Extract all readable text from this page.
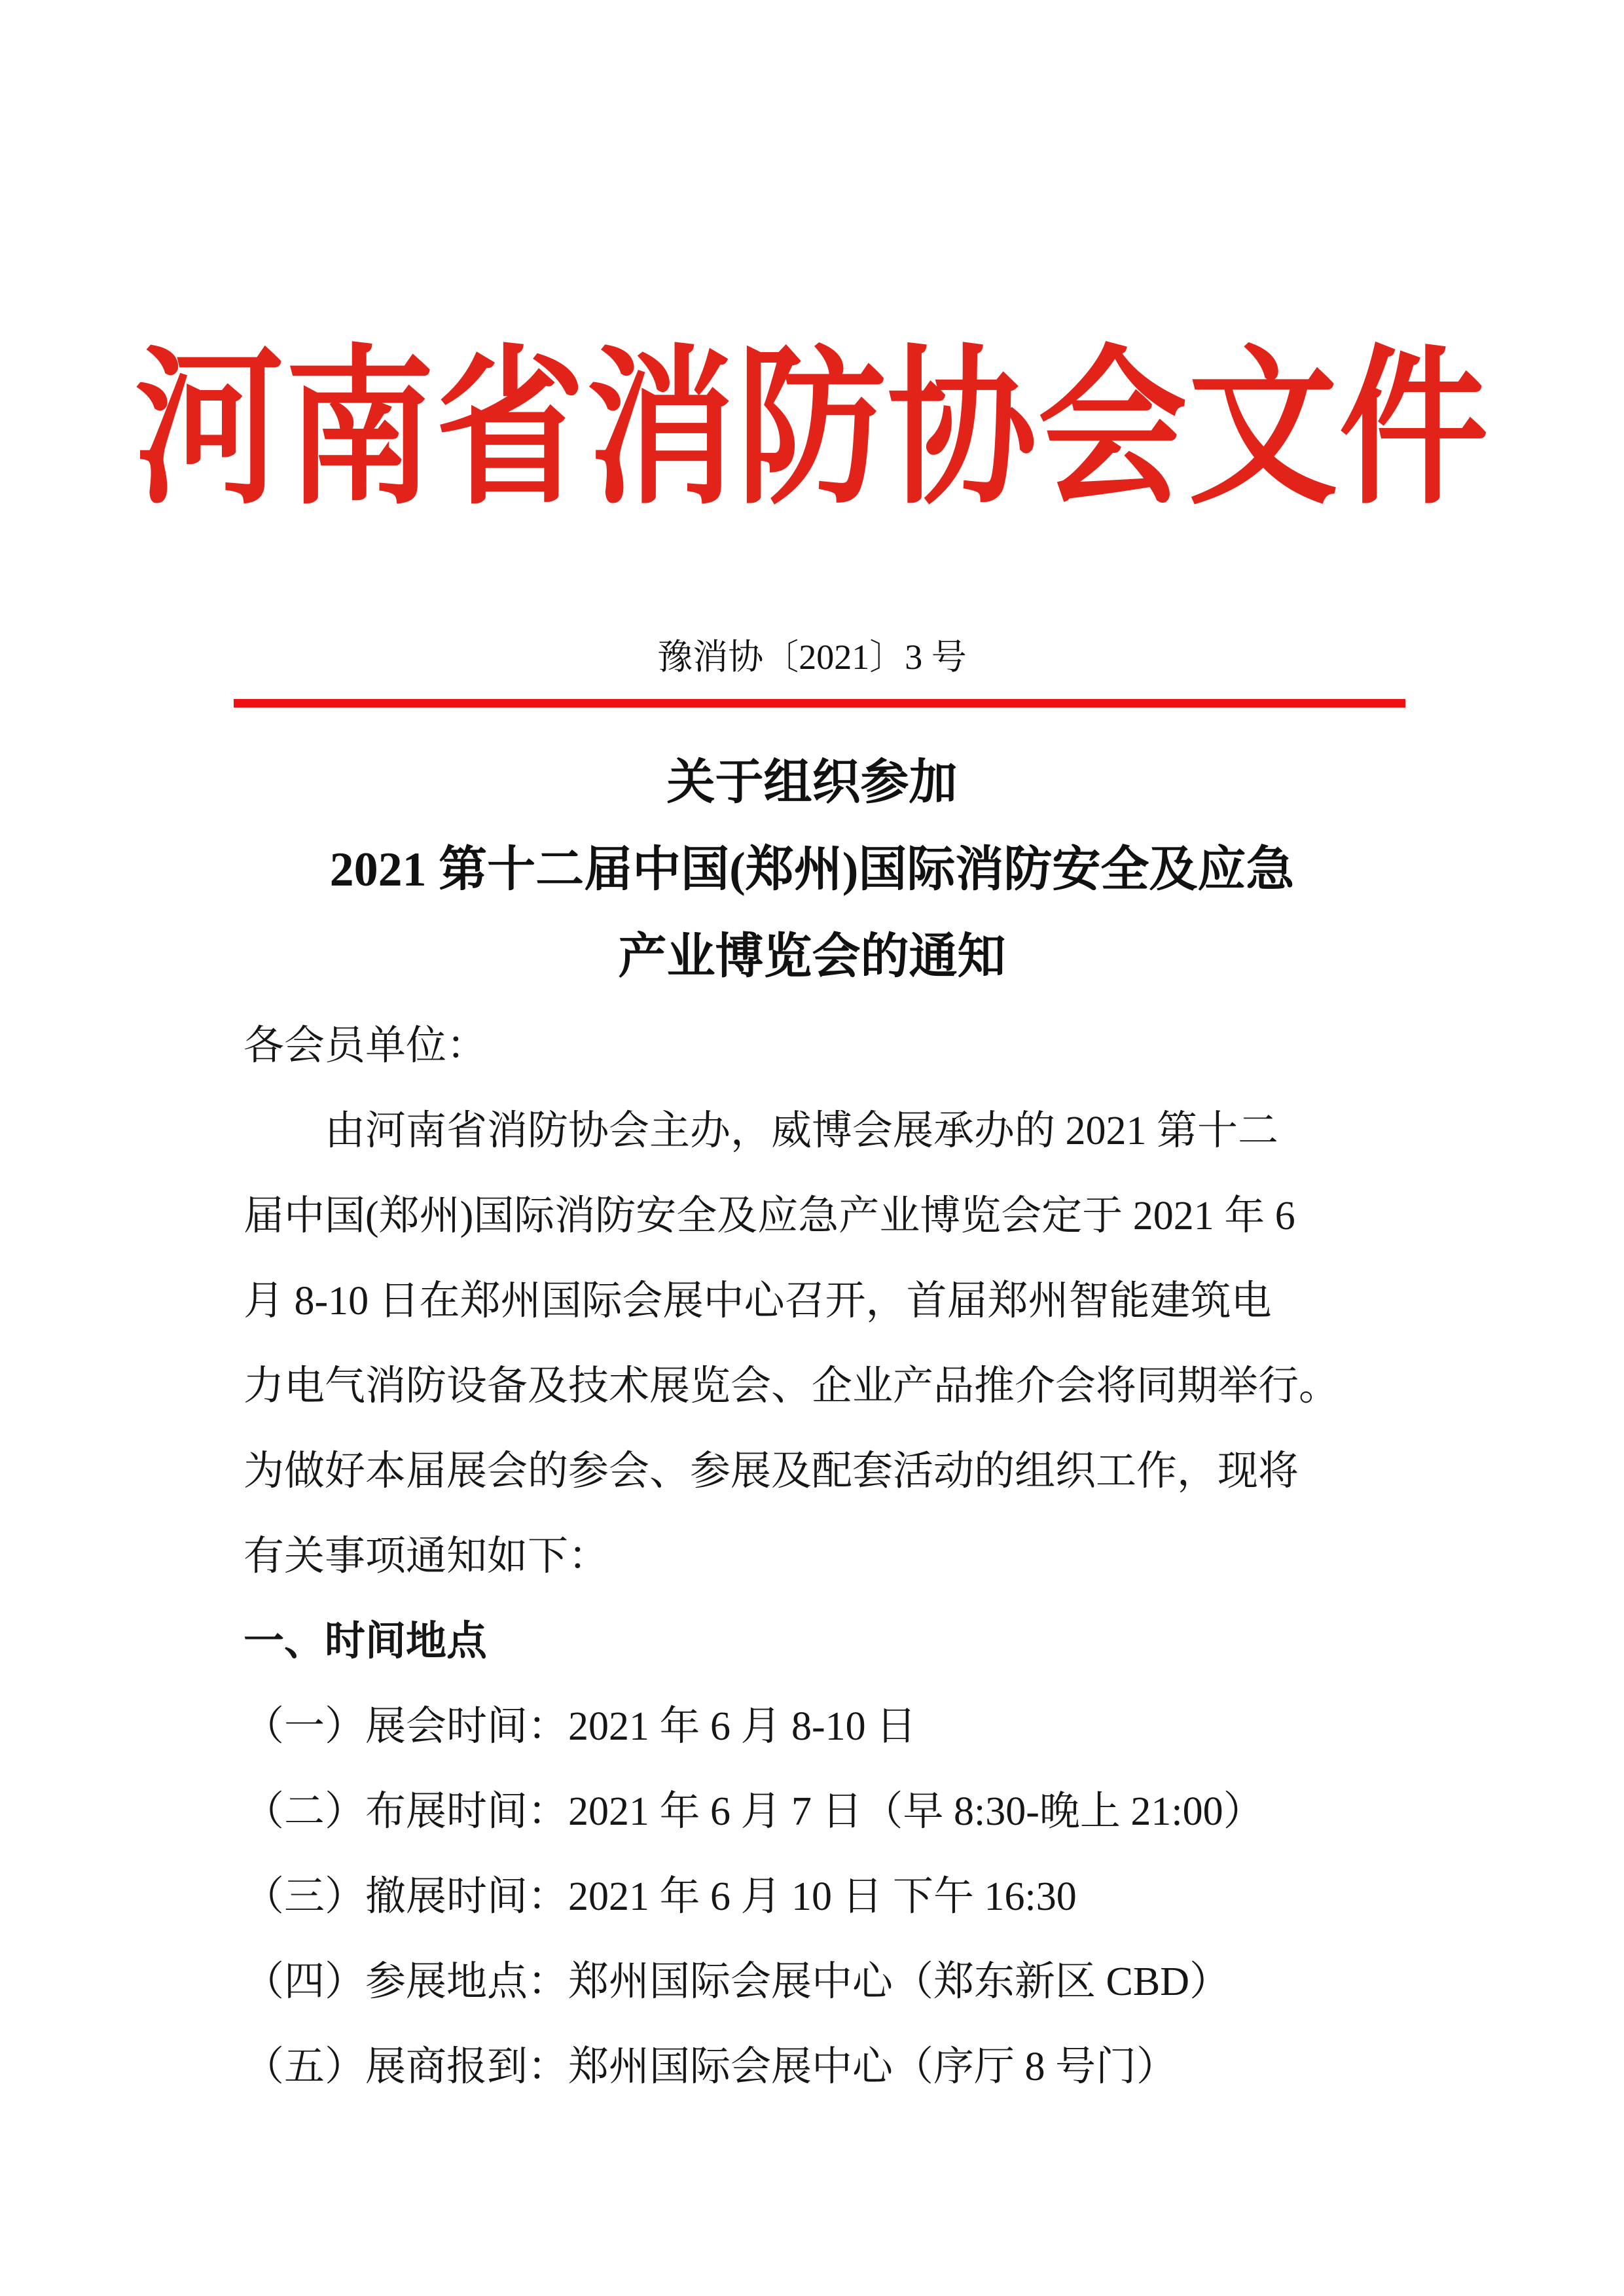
河南省消防协会文件
豫消协〔2021〕3 号
关于组织参加
2021 第十二届中国(郑州)国际消防安全及应急
产业博览会的通知
各会员单位：
由河南省消防协会主办，威博会展承办的 2021 第十二
届中国(郑州)国际消防安全及应急产业博览会定于 2021 年 6
月 8-10 日在郑州国际会展中心召开，首届郑州智能建筑电
力电气消防设备及技术展览会、企业产品推介会将同期举行。
为做好本届展会的参会、参展及配套活动的组织工作，现将
有关事项通知如下：
一、时间地点
（一）展会时间：2021 年 6 月 8-10 日
（二）布展时间：2021 年 6 月 7 日（早 8:30-晚上 21:00）
（三）撤展时间：2021 年 6 月 10 日 下午 16:30
（四）参展地点：郑州国际会展中心（郑东新区 CBD）
（五）展商报到：郑州国际会展中心（序厅 8 号门）
